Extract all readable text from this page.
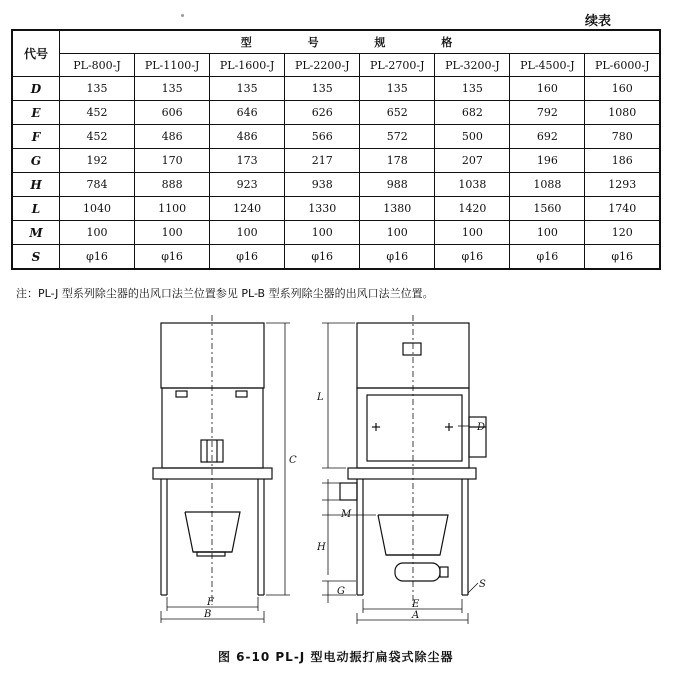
续表
代号	型 号 规 格							
	PL-800-J	PL-1100-J	PL-1600-J	PL-2200-J	PL-2700-J	PL-3200-J	PL-4500-J	PL-6000-J
D	135	135	135	135	135	135	160	160
E	452	606	646	626	652	682	792	1080
F	452	486	486	566	572	500	692	780
G	192	170	173	217	178	207	196	186
H	784	888	923	938	988	1038	1088	1293
L	1040	1100	1240	1330	1380	1420	1560	1740
M	100	100	100	100	100	100	100	120
S	φ16	φ16	φ16	φ16	φ16	φ16	φ16	φ16
注：PL-J 型系列除尘器的出风口法兰位置参见 PL-B 型系列除尘器的出风口法兰位置。
C
F
B
L
D
M
H
G
E
A
S
图 6-10 PL-J 型电动振打扁袋式除尘器
